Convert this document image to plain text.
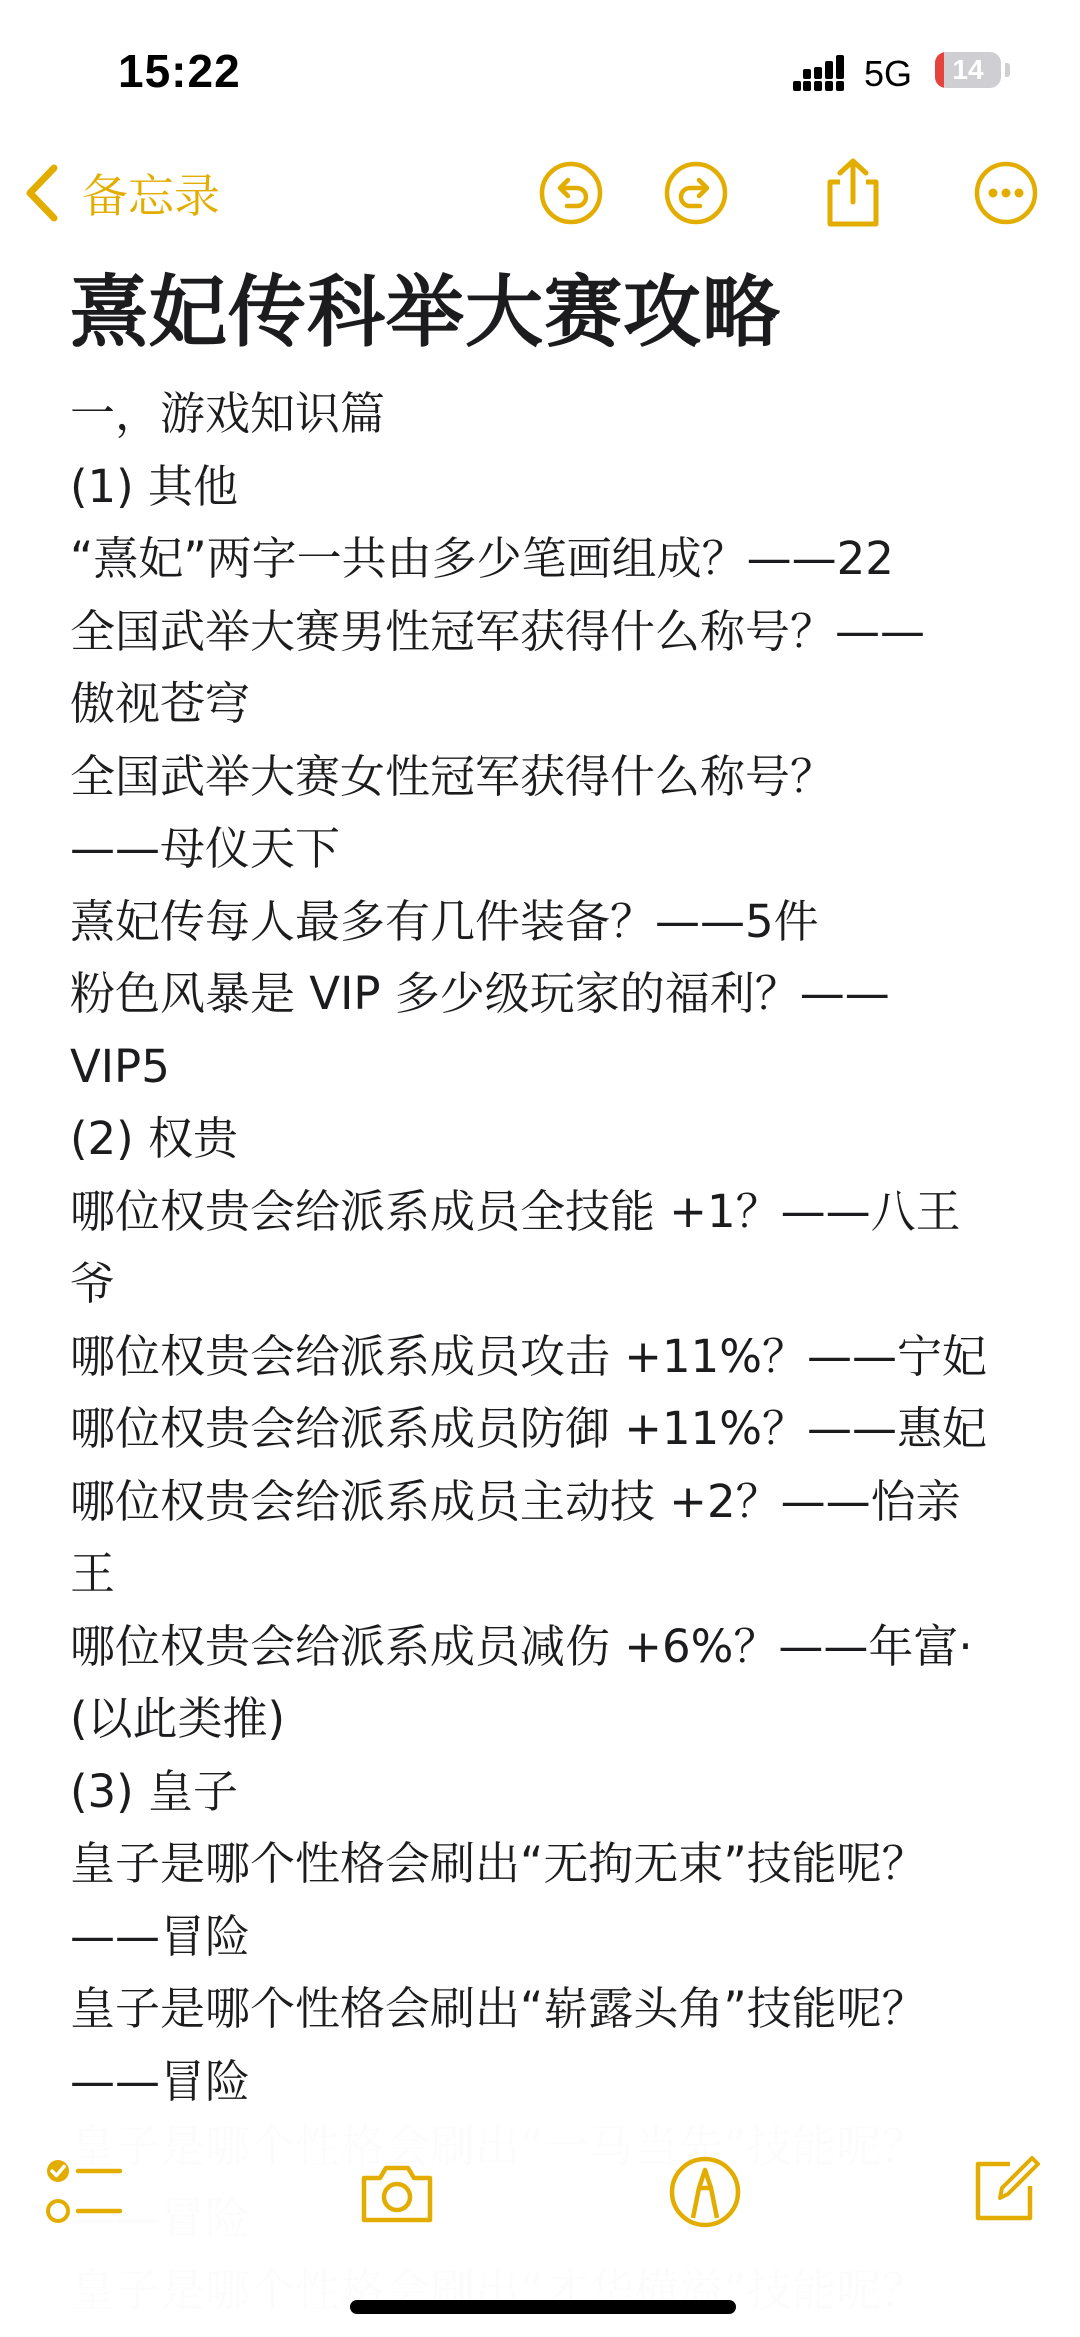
15:22	5G	14
备忘录
熹妃传科举大赛攻略
一，游戏知识篇
(1) 其他
“熹妃”两字一共由多少笔画组成？——22
全国武举大赛男性冠军获得什么称号？——
傲视苍穹
全国武举大赛女性冠军获得什么称号？
——母仪天下
熹妃传每人最多有几件装备？——5件
粉色风暴是 VIP 多少级玩家的福利？——
VIP5
(2) 权贵
哪位权贵会给派系成员全技能 +1？——八王
爷
哪位权贵会给派系成员攻击 +11%？——宁妃
哪位权贵会给派系成员防御 +11%？——惠妃
哪位权贵会给派系成员主动技 +2？——怡亲
王
哪位权贵会给派系成员减伤 +6%？——年富·
(以此类推)
(3) 皇子
皇子是哪个性格会刷出“无拘无束”技能呢？
——冒险
皇子是哪个性格会刷出“崭露头角”技能呢？
——冒险
